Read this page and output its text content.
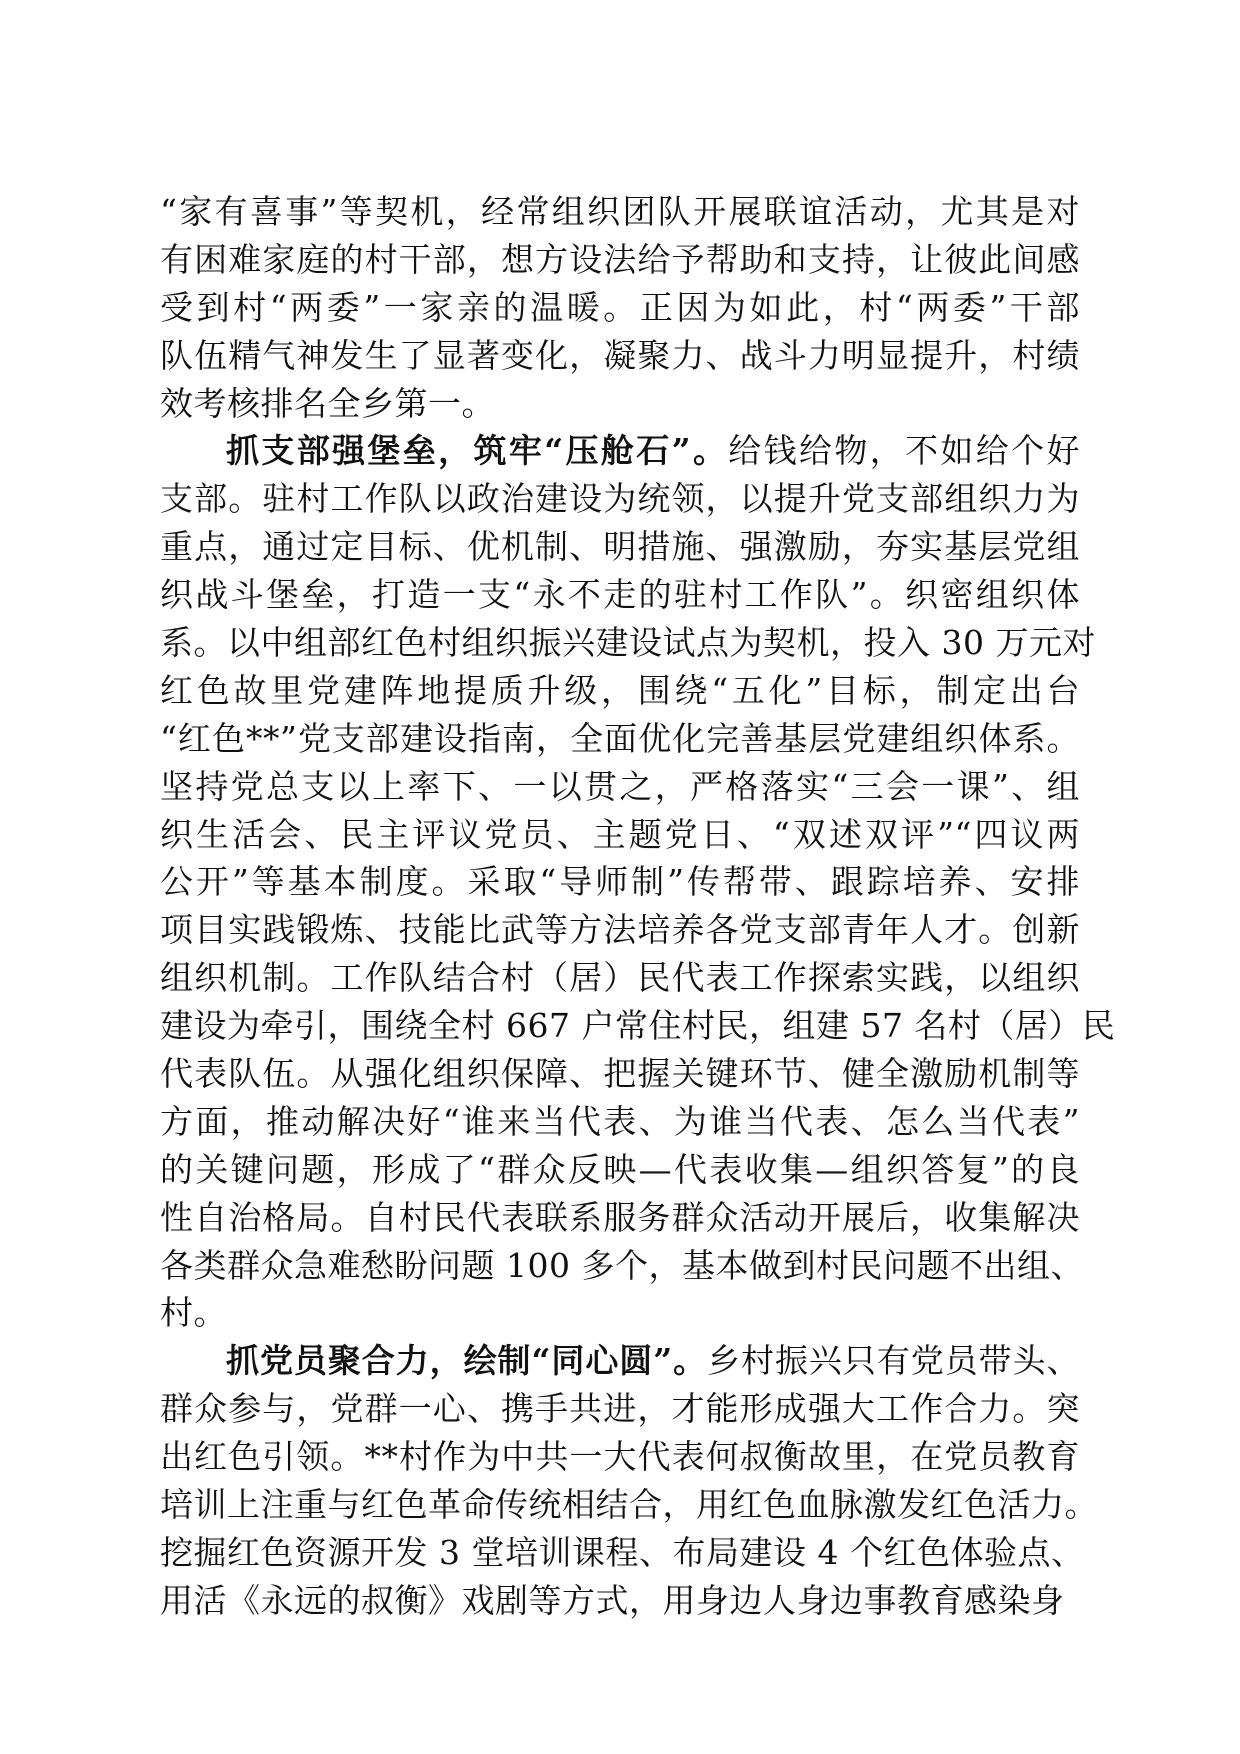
“家有喜事”等契机，经常组织团队开展联谊活动，尤其是对
有困难家庭的村干部，想方设法给予帮助和支持，让彼此间感
受到村“两委”一家亲的温暖。正因为如此，村“两委”干部
队伍精气神发生了显著变化，凝聚力、战斗力明显提升，村绩
效考核排名全乡第一。
抓支部强堡垒，筑牢“压舱石”。给钱给物，不如给个好
支部。驻村工作队以政治建设为统领，以提升党支部组织力为
重点，通过定目标、优机制、明措施、强激励，夯实基层党组
织战斗堡垒，打造一支“永不走的驻村工作队”。织密组织体
系。以中组部红色村组织振兴建设试点为契机，投入 30 万元对
红色故里党建阵地提质升级，围绕“五化”目标，制定出台
“红色**”党支部建设指南，全面优化完善基层党建组织体系。
坚持党总支以上率下、一以贯之，严格落实“三会一课”、组
织生活会、民主评议党员、主题党日、“双述双评”“四议两
公开”等基本制度。采取“导师制”传帮带、跟踪培养、安排
项目实践锻炼、技能比武等方法培养各党支部青年人才。创新
组织机制。工作队结合村（居）民代表工作探索实践，以组织
建设为牵引，围绕全村 667 户常住村民，组建 57 名村（居）民
代表队伍。从强化组织保障、把握关键环节、健全激励机制等
方面，推动解决好“谁来当代表、为谁当代表、怎么当代表”
的关键问题，形成了“群众反映—代表收集—组织答复”的良
性自治格局。自村民代表联系服务群众活动开展后，收集解决
各类群众急难愁盼问题 100 多个，基本做到村民问题不出组、
村。
抓党员聚合力，绘制“同心圆”。乡村振兴只有党员带头、
群众参与，党群一心、携手共进，才能形成强大工作合力。突
出红色引领。**村作为中共一大代表何叔衡故里，在党员教育
培训上注重与红色革命传统相结合，用红色血脉激发红色活力。
挖掘红色资源开发 3 堂培训课程、布局建设 4 个红色体验点、
用活《永远的叔衡》戏剧等方式，用身边人身边事教育感染身
